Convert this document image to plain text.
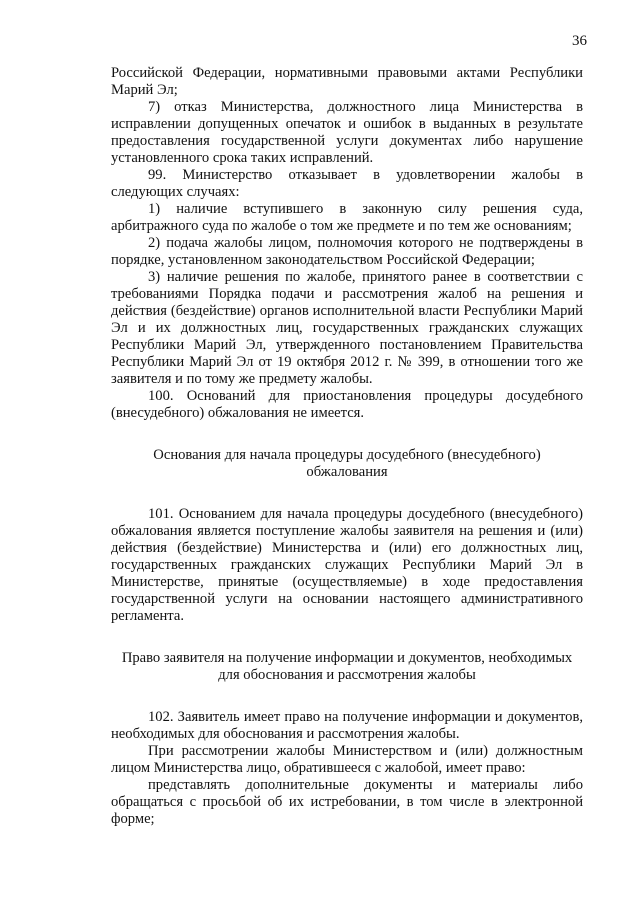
36

Российской Федерации, нормативными правовыми актами Республики Марий Эл;

7) отказ Министерства, должностного лица Министерства в исправлении допущенных опечаток и ошибок в выданных в результате предоставления государственной услуги документах либо нарушение установленного срока таких исправлений.

99. Министерство отказывает в удовлетворении жалобы в следующих случаях:

1) наличие вступившего в законную силу решения суда, арбитражного суда по жалобе о том же предмете и по тем же основаниям;

2) подача жалобы лицом, полномочия которого не подтверждены в порядке, установленном законодательством Российской Федерации;

3) наличие решения по жалобе, принятого ранее в соответствии с требованиями Порядка подачи и рассмотрения жалоб на решения и действия (бездействие) органов исполнительной власти Республики Марий Эл и их должностных лиц, государственных гражданских служащих Республики Марий Эл, утвержденного постановлением Правительства Республики Марий Эл от 19 октября 2012 г. № 399, в отношении того же заявителя и по тому же предмету жалобы.

100. Оснований для приостановления процедуры досудебного (внесудебного) обжалования не имеется.

Основания для начала процедуры досудебного (внесудебного) обжалования

101. Основанием для начала процедуры досудебного (внесудебного) обжалования является поступление жалобы заявителя на решения и (или) действия (бездействие) Министерства и (или) его должностных лиц, государственных гражданских служащих Республики Марий Эл в Министерстве, принятые (осуществляемые) в ходе предоставления государственной услуги на основании настоящего административного регламента.

Право заявителя на получение информации и документов, необходимых для обоснования и рассмотрения жалобы

102. Заявитель имеет право на получение информации и документов, необходимых для обоснования и рассмотрения жалобы.

При рассмотрении жалобы Министерством и (или) должностным лицом Министерства лицо, обратившееся с жалобой, имеет право:

представлять дополнительные документы и материалы либо обращаться с просьбой об их истребовании, в том числе в электронной форме;
